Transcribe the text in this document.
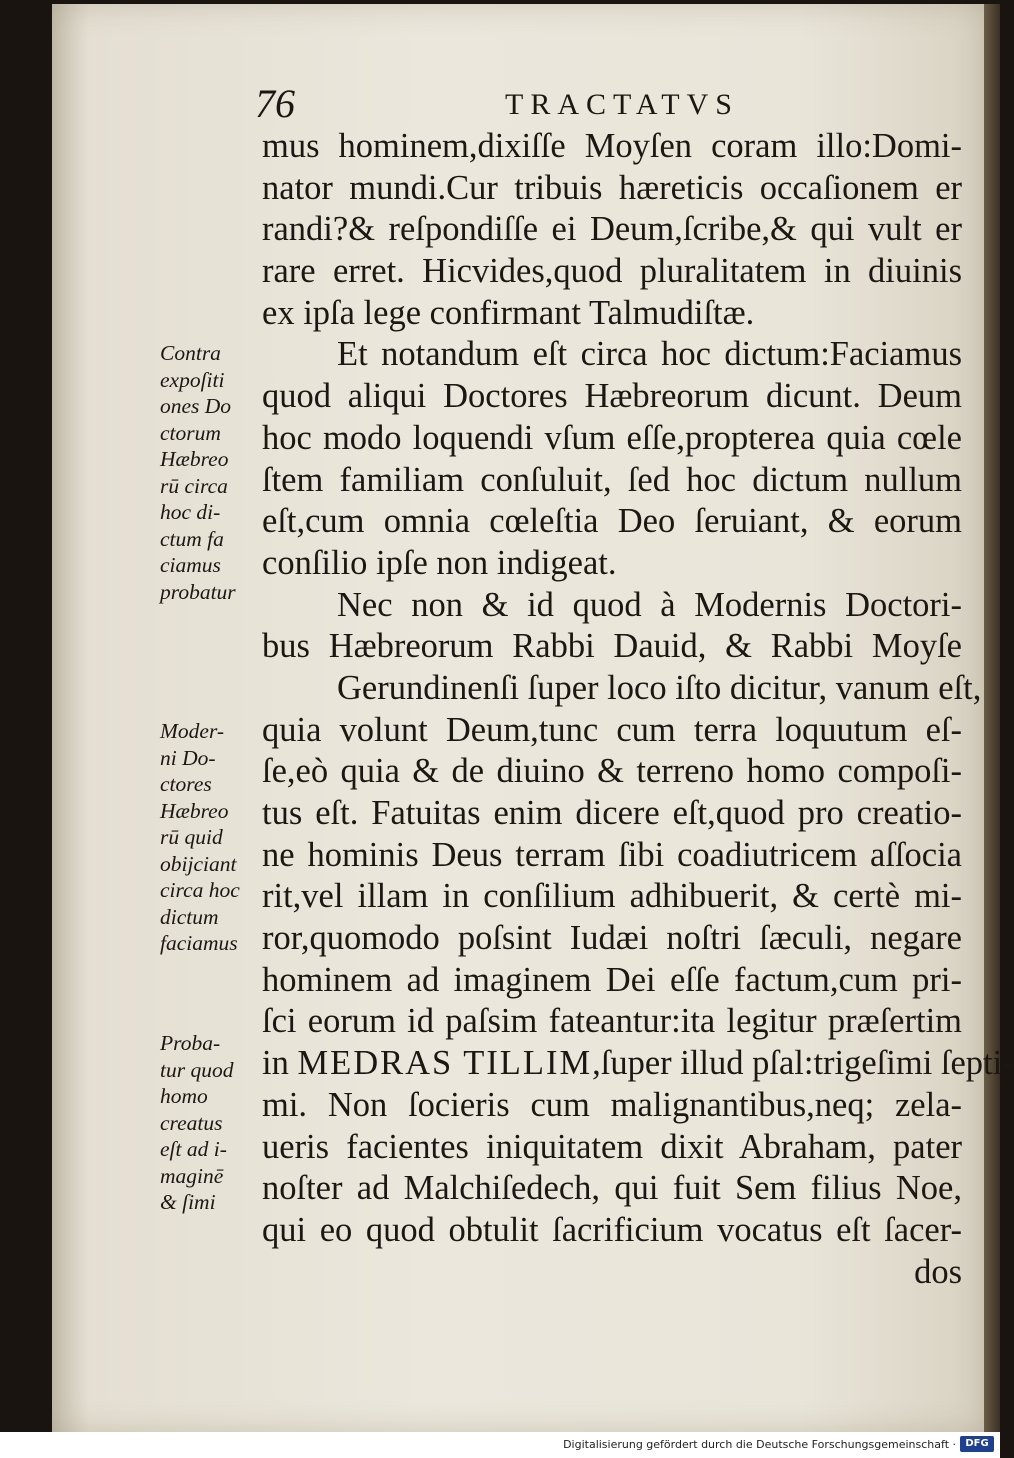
76	TRACTATVS
mus hominem,dixiſſe Moyſen coram illo:Domi-
nator mundi.Cur tribuis hæreticis occaſionem er
randi?& reſpondiſſe ei Deum,ſcribe,& qui vult er
rare erret. Hicvides,quod pluralitatem in diuinis
ex ipſa lege confirmant Talmudiſtæ.
Et notandum eſt circa hoc dictum:Faciamus
quod aliqui Doctores Hæbreorum dicunt. Deum
hoc modo loquendi vſum eſſe,propterea quia cœle
ſtem familiam conſuluit, ſed hoc dictum nullum
eſt,cum omnia cœleſtia Deo ſeruiant, & eorum
conſilio ipſe non indigeat.
Nec non & id quod à Modernis Doctori-
bus Hæbreorum Rabbi Dauid, & Rabbi Moyſe
Gerundinenſi ſuper loco iſto dicitur, vanum eſt,
quia volunt Deum,tunc cum terra loquutum eſ-
ſe,eò quia & de diuino & terreno homo compoſi-
tus eſt. Fatuitas enim dicere eſt,quod pro creatio-
ne hominis Deus terram ſibi coadiutricem aſſocia
rit,vel illam in conſilium adhibuerit, & certè mi-
ror,quomodo poſsint Iudæi noſtri ſæculi, negare
hominem ad imaginem Dei eſſe factum,cum pri-
ſci eorum id paſsim fateantur:ita legitur præſertim
in MEDRAS TILLIM,ſuper illud pſal:trigeſimi ſepti-
mi. Non ſocieris cum malignantibus,neq; zela-
ueris facientes iniquitatem dixit Abraham, pater
noſter ad Malchiſedech, qui fuit Sem filius Noe,
qui eo quod obtulit ſacrificium vocatus eſt ſacer-
dos
Contra
expoſiti
ones Do
ctorum
Hæbreo
rū circa
hoc di-
ctum fa
ciamus
probatur
Moder-
ni Do-
ctores
Hæbreo
rū quid
obijciant
circa hoc
dictum
faciamus
Proba-
tur quod
homo
creatus
eſt ad i-
maginē
& ſimi
Digitalisierung gefördert durch die Deutsche Forschungsgemeinschaft · DFG
